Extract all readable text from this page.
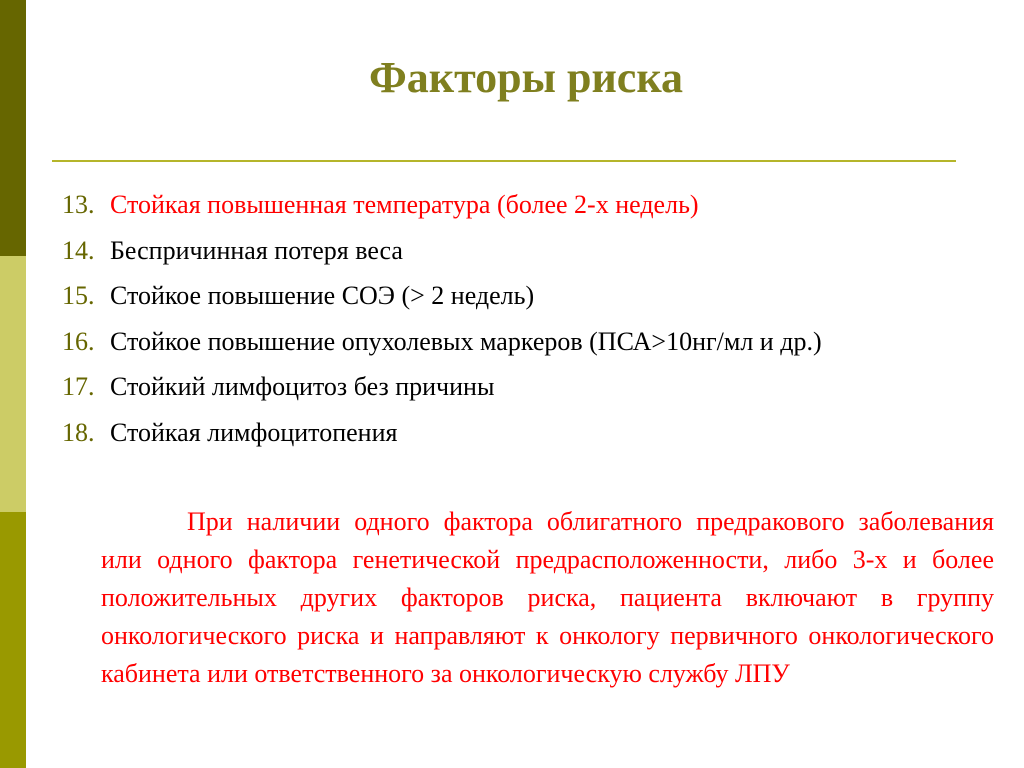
Факторы риска
13. Стойкая повышенная температура (более 2-х недель)
14. Беспричинная потеря веса
15. Стойкое повышение СОЭ (> 2 недель)
16. Стойкое повышение опухолевых маркеров (ПСА>10нг/мл и др.)
17. Стойкий лимфоцитоз без причины
18. Стойкая лимфоцитопения

При наличии одного фактора облигатного предракового заболевания или одного фактора генетической предрасположенности, либо 3-х и более положительных других факторов риска, пациента включают в группу онкологического риска и направляют к онкологу первичного онкологического кабинета или ответственного за онкологическую службу ЛПУ
